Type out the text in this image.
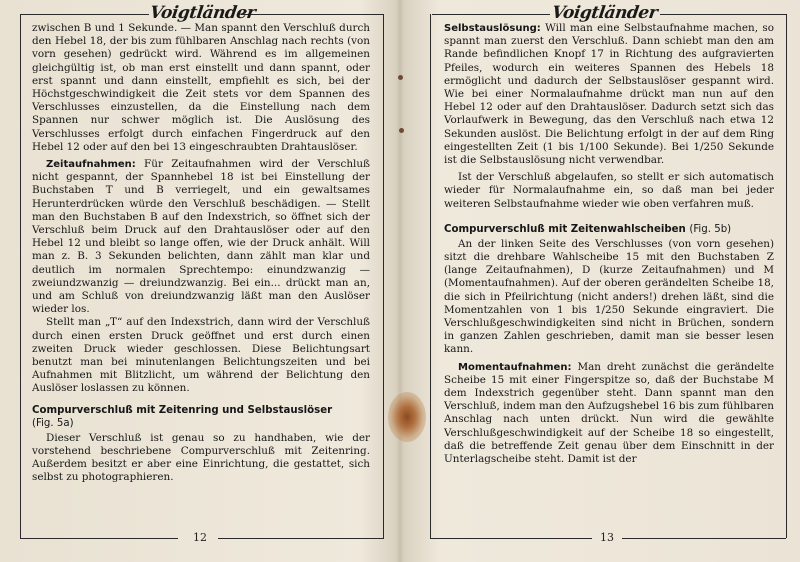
Voigtländer

zwischen B und 1 Sekunde. — Man spannt den Verschluß durch den Hebel 18, der bis zum fühlbaren Anschlag nach rechts (von vorn gesehen) gedrückt wird. Während es im allgemeinen gleichgültig ist, ob man erst einstellt und dann spannt, oder erst spannt und dann einstellt, empfiehlt es sich, bei der Höchstgeschwindigkeit die Zeit stets vor dem Spannen des Verschlusses einzustellen, da die Einstellung nach dem Spannen nur schwer möglich ist. Die Auslösung des Verschlusses erfolgt durch einfachen Fingerdruck auf den Hebel 12 oder auf den bei 13 eingeschraubten Drahtauslöser.

Zeitaufnahmen: Für Zeitaufnahmen wird der Verschluß nicht gespannt, der Spannhebel 18 ist bei Einstellung der Buchstaben T und B verriegelt, und ein gewaltsames Herunterdrücken würde den Verschluß beschädigen. — Stellt man den Buchstaben B auf den Indexstrich, so öffnet sich der Verschluß beim Druck auf den Drahtauslöser oder auf den Hebel 12 und bleibt so lange offen, wie der Druck anhält. Will man z. B. 3 Sekunden belichten, dann zählt man klar und deutlich im normalen Sprechtempo: einundzwanzig — zweiundzwanzig — dreiundzwanzig. Bei ein... drückt man an, und am Schluß von dreiundzwanzig läßt man den Auslöser wieder los.

Stellt man „T“ auf den Indexstrich, dann wird der Verschluß durch einen ersten Druck geöffnet und erst durch einen zweiten Druck wieder geschlossen. Diese Belichtungsart benutzt man bei minutenlangen Belichtungszeiten und bei Aufnahmen mit Blitzlicht, um während der Belichtung den Auslöser loslassen zu können.

Compurverschluß mit Zeitenring und Selbstauslöser
(Fig. 5a)

Dieser Verschluß ist genau so zu handhaben, wie der vorstehend beschriebene Compurverschluß mit Zeitenring. Außerdem besitzt er aber eine Einrichtung, die gestattet, sich selbst zu photographieren.

12
Voigtländer

Selbstauslösung: Will man eine Selbstaufnahme machen, so spannt man zuerst den Verschluß. Dann schiebt man den am Rande befindlichen Knopf 17 in Richtung des aufgravierten Pfeiles, wodurch ein weiteres Spannen des Hebels 18 ermöglicht und dadurch der Selbstauslöser gespannt wird. Wie bei einer Normalaufnahme drückt man nun auf den Hebel 12 oder auf den Drahtauslöser. Dadurch setzt sich das Vorlaufwerk in Bewegung, das den Verschluß nach etwa 12 Sekunden auslöst. Die Belichtung erfolgt in der auf dem Ring eingestellten Zeit (1 bis 1/100 Sekunde). Bei 1/250 Sekunde ist die Selbstauslösung nicht verwendbar.

Ist der Verschluß abgelaufen, so stellt er sich automatisch wieder für Normalaufnahme ein, so daß man bei jeder weiteren Selbstaufnahme wieder wie oben verfahren muß.

Compurverschluß mit Zeitenwahlscheiben (Fig. 5b)

An der linken Seite des Verschlusses (von vorn gesehen) sitzt die drehbare Wahlscheibe 15 mit den Buchstaben Z (lange Zeitaufnahmen), D (kurze Zeitaufnahmen) und M (Momentaufnahmen). Auf der oberen gerändelten Scheibe 18, die sich in Pfeilrichtung (nicht anders!) drehen läßt, sind die Momentzahlen von 1 bis 1/250 Sekunde eingraviert. Die Verschlußgeschwindigkeiten sind nicht in Brüchen, sondern in ganzen Zahlen geschrieben, damit man sie besser lesen kann.

Momentaufnahmen: Man dreht zunächst die gerändelte Scheibe 15 mit einer Fingerspitze so, daß der Buchstabe M dem Indexstrich gegenüber steht. Dann spannt man den Verschluß, indem man den Aufzugshebel 16 bis zum fühlbaren Anschlag nach unten drückt. Nun wird die gewählte Verschlußgeschwindigkeit auf der Scheibe 18 so eingestellt, daß die betreffende Zeit genau über dem Einschnitt in der Unterlagscheibe steht. Damit ist der

13
